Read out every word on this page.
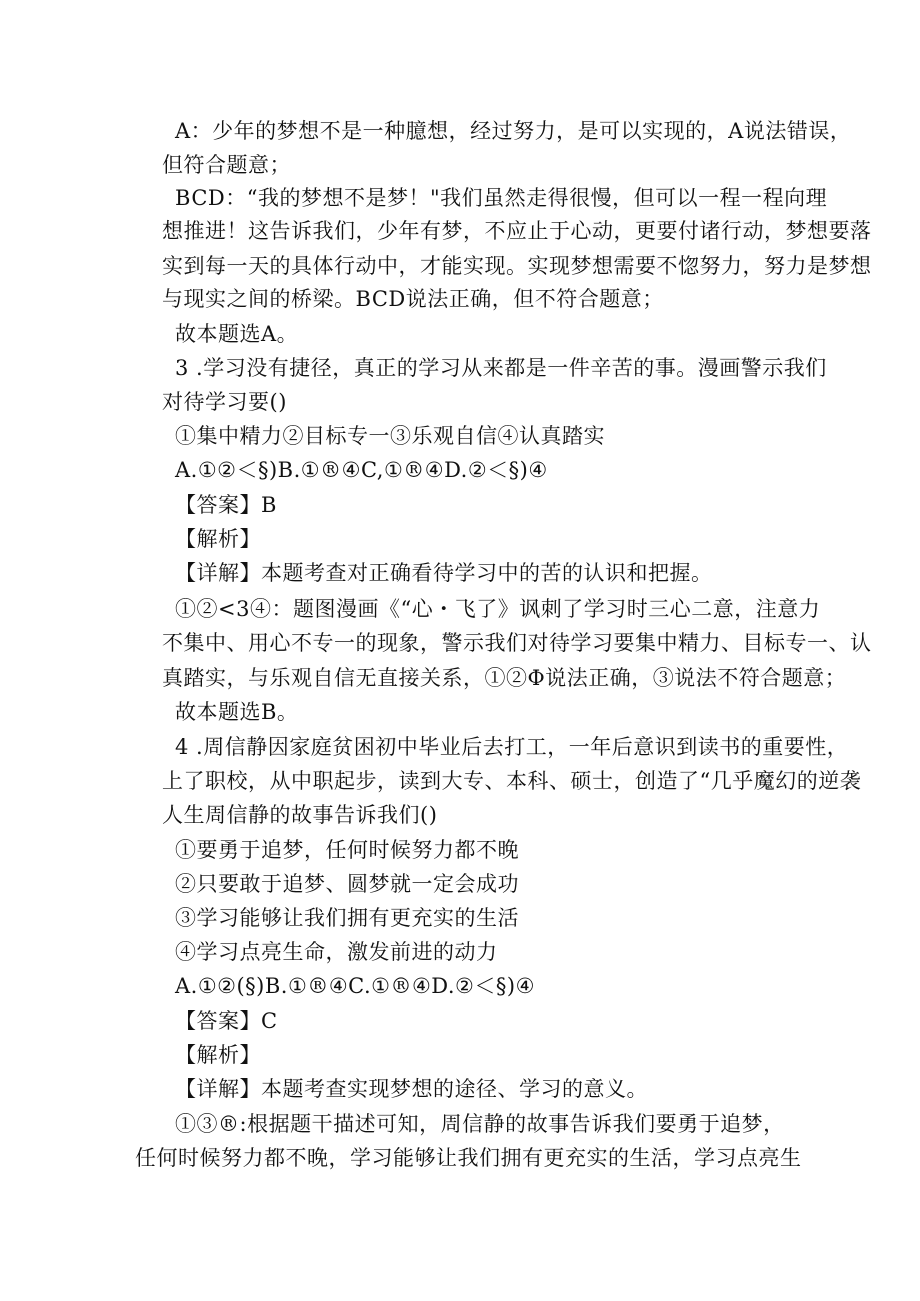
A：少年的梦想不是一种臆想，经过努力，是可以实现的，A说法错误，
但符合题意；
BCD：“我的梦想不是梦！"我们虽然走得很慢，但可以一程一程向理
想推进！这告诉我们，少年有梦，不应止于心动，更要付诸行动，梦想要落
实到每一天的具体行动中，才能实现。实现梦想需要不惚努力，努力是梦想
与现实之间的桥梁。BCD说法正确，但不符合题意；
故本题选A。
3 .学习没有捷径，真正的学习从来都是一件辛苦的事。漫画警示我们
对待学习要()
①集中精力②目标专一③乐观自信④认真踏实
A.①②＜§)B.①®④C,①®④D.②＜§)④
【答案】B
【解析】
【详解】本题考查对正确看待学习中的苦的认识和把握。
①②<3④：题图漫画《“心・飞了》讽刺了学习时三心二意，注意力
不集中、用心不专一的现象，警示我们对待学习要集中精力、目标专一、认
真踏实，与乐观自信无直接关系，①②Φ说法正确，③说法不符合题意；
故本题选B。
4 .周信静因家庭贫困初中毕业后去打工，一年后意识到读书的重要性，
上了职校，从中职起步，读到大专、本科、硕士，创造了“几乎魔幻的逆袭
人生周信静的故事告诉我们()
①要勇于追梦，任何时候努力都不晚
②只要敢于追梦、圆梦就一定会成功
③学习能够让我们拥有更充实的生活
④学习点亮生命，激发前进的动力
A.①②(§)B.①®④C.①®④D.②＜§)④
【答案】C
【解析】
【详解】本题考查实现梦想的途径、学习的意义。
①③®:根据题干描述可知，周信静的故事告诉我们要勇于追梦，
任何时候努力都不晚，学习能够让我们拥有更充实的生活，学习点亮生
